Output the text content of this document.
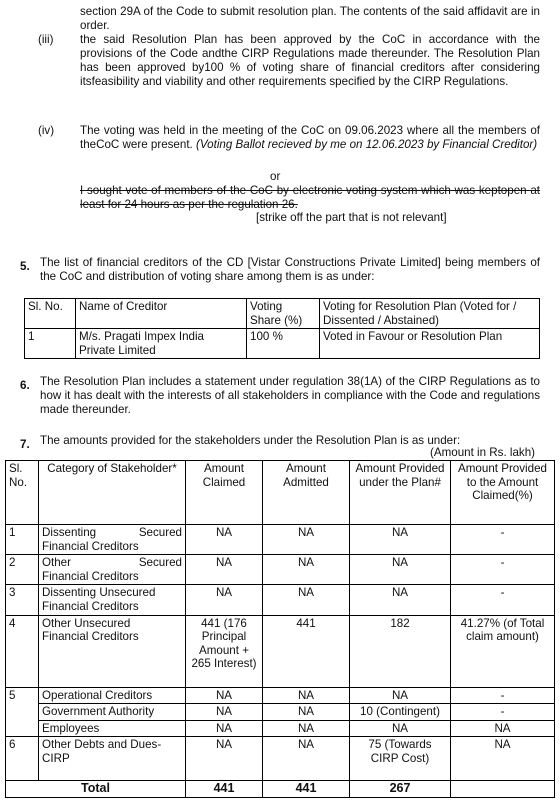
section 29A of the Code to submit resolution plan. The contents of the said affidavit are in order.
(iii) the said Resolution Plan has been approved by the CoC in accordance with the provisions of the Code andthe CIRP Regulations made thereunder. The Resolution Plan has been approved by100 % of voting share of financial creditors after considering itsfeasibility and viability and other requirements specified by the CIRP Regulations.
(iv) The voting was held in the meeting of the CoC on 09.06.2023 where all the members of theCoC were present. (Voting Ballot recieved by me on 12.06.2023 by Financial Creditor)
or
I sought vote of members of the CoC by electronic voting system which was keptopen at least for 24 hours as per the regulation 26.
[strike off the part that is not relevant]
5. The list of financial creditors of the CD [Vistar Constructions Private Limited] being members of the CoC and distribution of voting share among them is as under:
Sl. No.	Name of Creditor	Voting Share (%)	Voting for Resolution Plan (Voted for / Dissented / Abstained)
1	M/s. Pragati Impex India Private Limited	100 %	Voted in Favour or Resolution Plan
6. The Resolution Plan includes a statement under regulation 38(1A) of the CIRP Regulations as to how it has dealt with the interests of all stakeholders in compliance with the Code and regulations made thereunder.
7. The amounts provided for the stakeholders under the Resolution Plan is as under:
(Amount in Rs. lakh)
Sl. No.	Category of Stakeholder*	Amount Claimed	Amount Admitted	Amount Provided under the Plan#	Amount Provided to the Amount Claimed(%)
1	Dissenting Secured
Financial Creditors	NA	NA	NA	-
2	Other Secured
Financial Creditors	NA	NA	NA	-
3	Dissenting Unsecured
Financial Creditors	NA	NA	NA	-
4	Other Unsecured
Financial Creditors	441 (176 Principal Amount + 265 Interest)	441	182	41.27% (of Total claim amount)
5	Operational Creditors	NA	NA	NA	-
	Government Authority	NA	NA	10 (Contingent)	-
	Employees	NA	NA	NA	NA
6	Other Debts and Dues-CIRP	NA	NA	75 (Towards CIRP Cost)	NA
Total		441	441	267	
